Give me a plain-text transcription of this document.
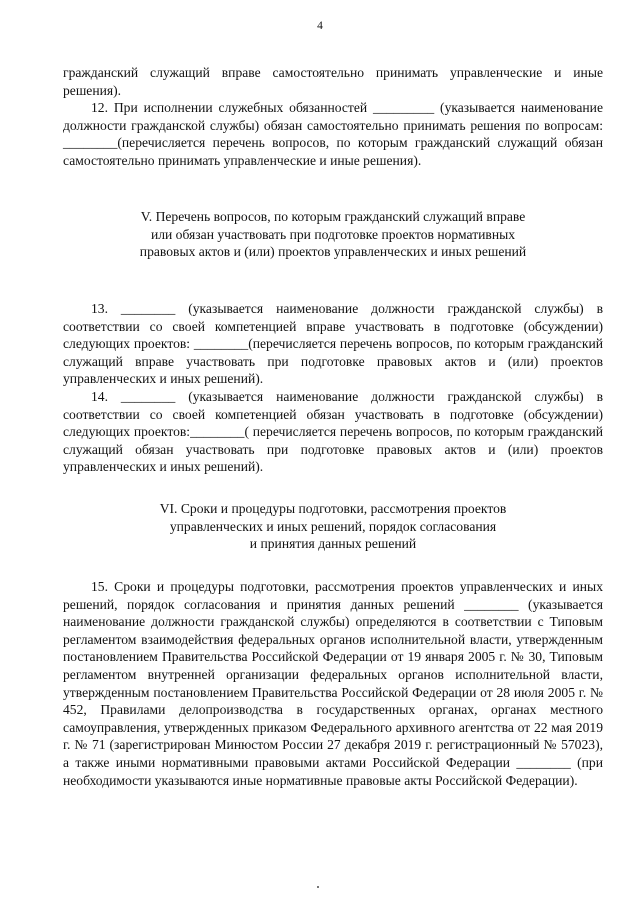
4

гражданский служащий вправе самостоятельно принимать управленческие и иные решения).

12. При исполнении служебных обязанностей _________ (указывается наименование должности гражданской службы) обязан самостоятельно принимать решения по вопросам: ________(перечисляется перечень вопросов, по которым гражданский служащий обязан самостоятельно принимать управленческие и иные решения).

V. Перечень вопросов, по которым гражданский служащий вправе

или обязан участвовать при подготовке проектов нормативных

правовых актов и (или) проектов управленческих и иных решений

13. ________ (указывается наименование должности гражданской службы) в соответствии со своей компетенцией вправе участвовать в подготовке (обсуждении) следующих проектов: ________(перечисляется перечень вопросов, по которым гражданский служащий вправе участвовать при подготовке правовых актов и (или) проектов управленческих и иных решений).

14. ________ (указывается наименование должности гражданской службы) в соответствии со своей компетенцией обязан участвовать в подготовке (обсуждении) следующих проектов:________( перечисляется перечень вопросов, по которым гражданский служащий обязан участвовать при подготовке правовых актов и (или) проектов управленческих и иных решений).

VI. Сроки и процедуры подготовки, рассмотрения проектов

управленческих и иных решений, порядок согласования

и принятия данных решений

15. Сроки и процедуры подготовки, рассмотрения проектов управленческих и иных решений, порядок согласования и принятия данных решений ________ (указывается наименование должности гражданской службы) определяются в соответствии с Типовым регламентом взаимодействия федеральных органов исполнительной власти, утвержденным постановлением Правительства Российской Федерации от 19 января 2005 г. № 30, Типовым регламентом внутренней организации федеральных органов исполнительной власти, утвержденным постановлением Правительства Российской Федерации от 28 июля 2005 г. № 452, Правилами делопроизводства в государственных органах, органах местного самоуправления, утвержденных приказом Федерального архивного агентства от 22 мая 2019 г. № 71 (зарегистрирован Минюстом России 27 декабря 2019 г. регистрационный № 57023), а также иными нормативными правовыми актами Российской Федерации ________ (при необходимости указываются иные нормативные правовые акты Российской Федерации).
